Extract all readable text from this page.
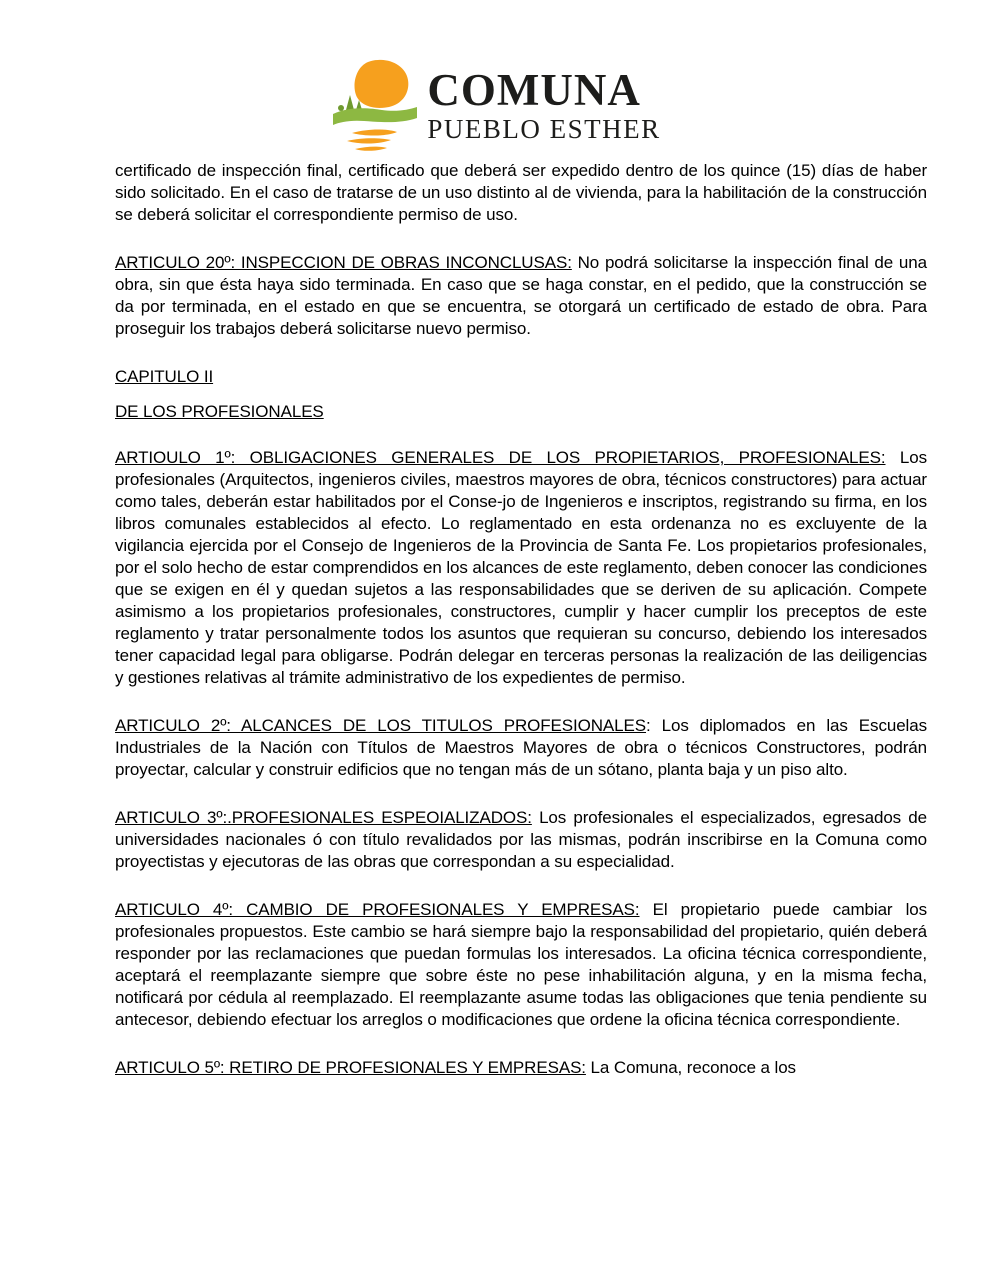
COMUNA
PUEBLO ESTHER

certificado de inspección final, certificado que deberá ser expedido dentro de los quince (15) días de haber sido solicitado. En el caso de tratarse de un uso distinto al de vivienda, para la habilitación de la construcción se deberá solicitar el correspondiente permiso de uso.

ARTICULO 20º: INSPECCION DE OBRAS INCONCLUSAS: No podrá solicitarse la inspección final de una obra, sin que ésta haya sido terminada. En caso que se haga constar, en el pedido, que la construcción se da por terminada, en el estado en que se encuentra, se otorgará un certificado de estado de obra. Para proseguir los trabajos deberá solicitarse nuevo permiso.

CAPITULO II

DE LOS PROFESIONALES

ARTIOULO 1º: OBLIGACIONES GENERALES DE LOS PROPIETARIOS, PROFESIONALES: Los profesionales (Arquitectos, ingenieros civiles, maestros mayores de obra, técnicos constructores) para actuar como tales, deberán estar habilitados por el Conse-jo de Ingenieros e inscriptos, registrando su firma, en los libros comunales establecidos al efecto. Lo reglamentado en esta ordenanza no es excluyente de la vigilancia ejercida por el Consejo de Ingenieros de la Provincia de Santa Fe. Los propietarios profesionales, por el solo hecho de estar comprendidos en los alcances de este reglamento, deben conocer las condiciones que se exigen en él y quedan sujetos a las responsabilidades que se deriven de su aplicación. Compete asimismo a los propietarios profesionales, constructores, cumplir y hacer cumplir los preceptos de este reglamento y tratar personalmente todos los asuntos que requieran su concurso, debiendo los interesados tener capacidad legal para obligarse. Podrán delegar en terceras personas la realización de las deiligencias y gestiones relativas al trámite administrativo de los expedientes de permiso.

ARTICULO 2º: ALCANCES DE LOS TITULOS PROFESIONALES: Los diplomados en las Escuelas Industriales de la Nación con Títulos de Maestros Mayores de obra o técnicos Constructores, podrán proyectar, calcular y construir edificios que no tengan más de un sótano, planta baja y un piso alto.

ARTICULO 3º:.PROFESIONALES ESPEOIALIZADOS: Los profesionales el especializados, egresados de universidades nacionales ó con título revalidados por las mismas, podrán inscribirse en la Comuna como proyectistas y ejecutoras de las obras que correspondan a su especialidad.

ARTICULO 4º: CAMBIO DE PROFESIONALES Y EMPRESAS: El propietario puede cambiar los profesionales propuestos. Este cambio se hará siempre bajo la responsabilidad del propietario, quién deberá responder por las reclamaciones que puedan formulas los interesados. La oficina técnica correspondiente, aceptará el reemplazante siempre que sobre éste no pese inhabilitación alguna, y en la misma fecha, notificará por cédula al reemplazado. El reemplazante asume todas las obligaciones que tenia pendiente su antecesor, debiendo efectuar los arreglos o modificaciones que ordene la oficina técnica correspondiente.

ARTICULO 5º: RETIRO DE PROFESIONALES Y EMPRESAS: La Comuna, reconoce a los
